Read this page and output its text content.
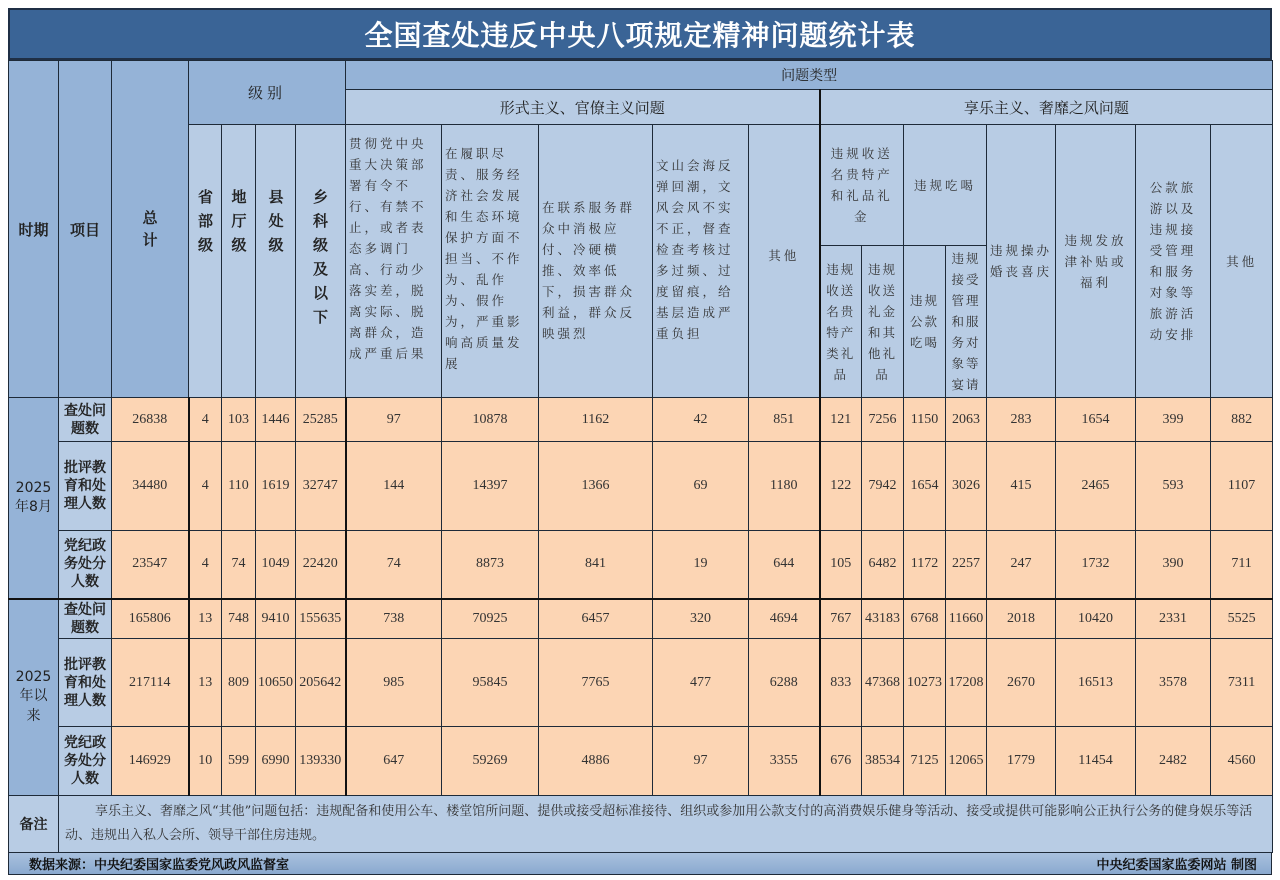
全国查处违反中央八项规定精神问题统计表
时期	项目	总计	级别				问题类型												
							形式主义、官僚主义问题					享乐主义、奢靡之风问题							

			省部级	地厅级	县处级	乡科级及以下	贯彻党中央重大决策部署有令不行、有禁不止，或者表态多调门高、行动少落实差，脱离实际、脱离群众，造成严重后果	在履职尽责、服务经济社会发展和生态环境保护方面不担当、不作为、乱作为、假作为，严重影响高质量发展	在联系服务群众中消极应付、冷硬横推、效率低下，损害群众利益，群众反映强烈	文山会海反弹回潮，文风会风不实不正，督查检查考核过多过频、过度留痕，给基层造成严重负担	其他	违规收送名贵特产和礼品礼金		违规吃喝		违规操办婚丧喜庆	违规发放津补贴或福利	公款旅游以及违规接受管理和服务对象等旅游活动安排	其他

												违规收送名贵特产类礼品	违规收送礼金和其他礼品	违规公款吃喝	违规接受管理和服务对象等宴请				
2025年8月	查处问题数	26838	4	103	1446	25285	97	10878	1162	42	851	121	7256	1150	2063	283	1654	399	882
	批评教育和处理人数	34480	4	110	1619	32747	144	14397	1366	69	1180	122	7942	1654	3026	415	2465	593	1107
	党纪政务处分人数	23547	4	74	1049	22420	74	8873	841	19	644	105	6482	1172	2257	247	1732	390	711
2025年以来	查处问题数	165806	13	748	9410	155635	738	70925	6457	320	4694	767	43183	6768	11660	2018	10420	2331	5525
	批评教育和处理人数	217114	13	809	10650	205642	985	95845	7765	477	6288	833	47368	10273	17208	2670	16513	3578	7311
	党纪政务处分人数	146929	10	599	6990	139330	647	59269	4886	97	3355	676	38534	7125	12065	1779	11454	2482	4560
备注	享乐主义、奢靡之风“其他”问题包括：违规配备和使用公车、楼堂馆所问题、提供或接受超标准接待、组织或参加用公款支付的高消费娱乐健身等活动、接受或提供可能影响公正执行公务的健身娱乐等活动、违规出入私人会所、领导干部住房违规。																		
数据来源：中央纪委国家监委党风政风监督室	中央纪委国家监委网站 制图
